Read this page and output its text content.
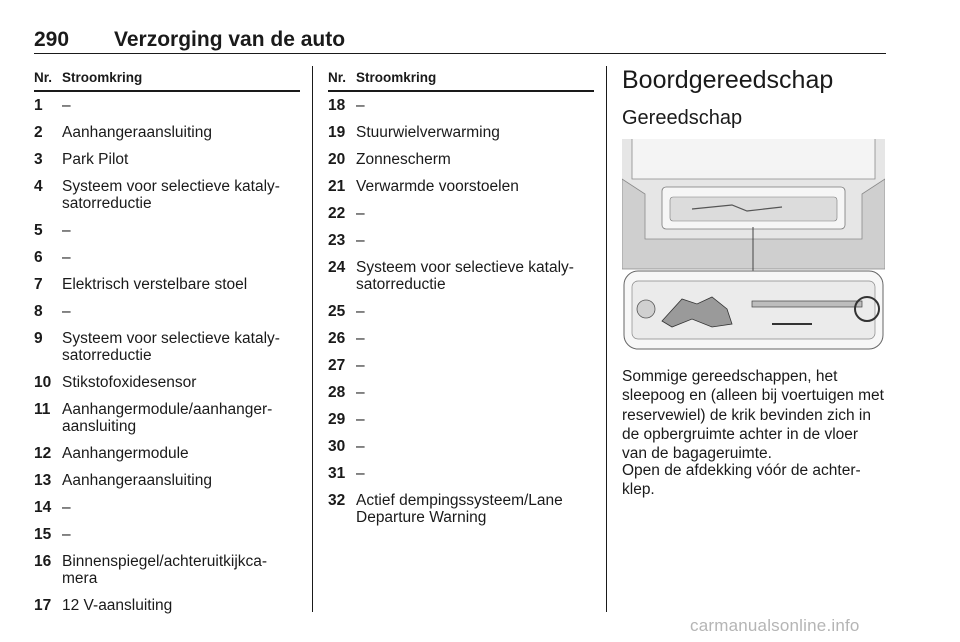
290 Verzorging van de auto
Nr. Stroomkring
1 –
2 Aanhangeraansluiting
3 Park Pilot
4 Systeem voor selectieve kataly-
satorreductie
5 –
6 –
7 Elektrisch verstelbare stoel
8 –
9 Systeem voor selectieve kataly-
satorreductie
10 Stikstofoxidesensor
11 Aanhangermodule/aanhanger-
aansluiting
12 Aanhangermodule
13 Aanhangeraansluiting
14 –
15 –
16 Binnenspiegel/achteruitkijkca-
mera
17 12 V-aansluiting
Nr. Stroomkring
18 –
19 Stuurwielverwarming
20 Zonnescherm
21 Verwarmde voorstoelen
22 –
23 –
24 Systeem voor selectieve kataly-
satorreductie
25 –
26 –
27 –
28 –
29 –
30 –
31 –
32 Actief dempingssysteem/Lane
Departure Warning
Boordgereedschap
Gereedschap
Sommige gereedschappen, het sleepoog en (alleen bij voertuigen met reservewiel) de krik bevinden zich in de opbergruimte achter in de vloer van de bagageruimte.
Open de afdekking vóór de achter-klep.
carmanualsonline.info
